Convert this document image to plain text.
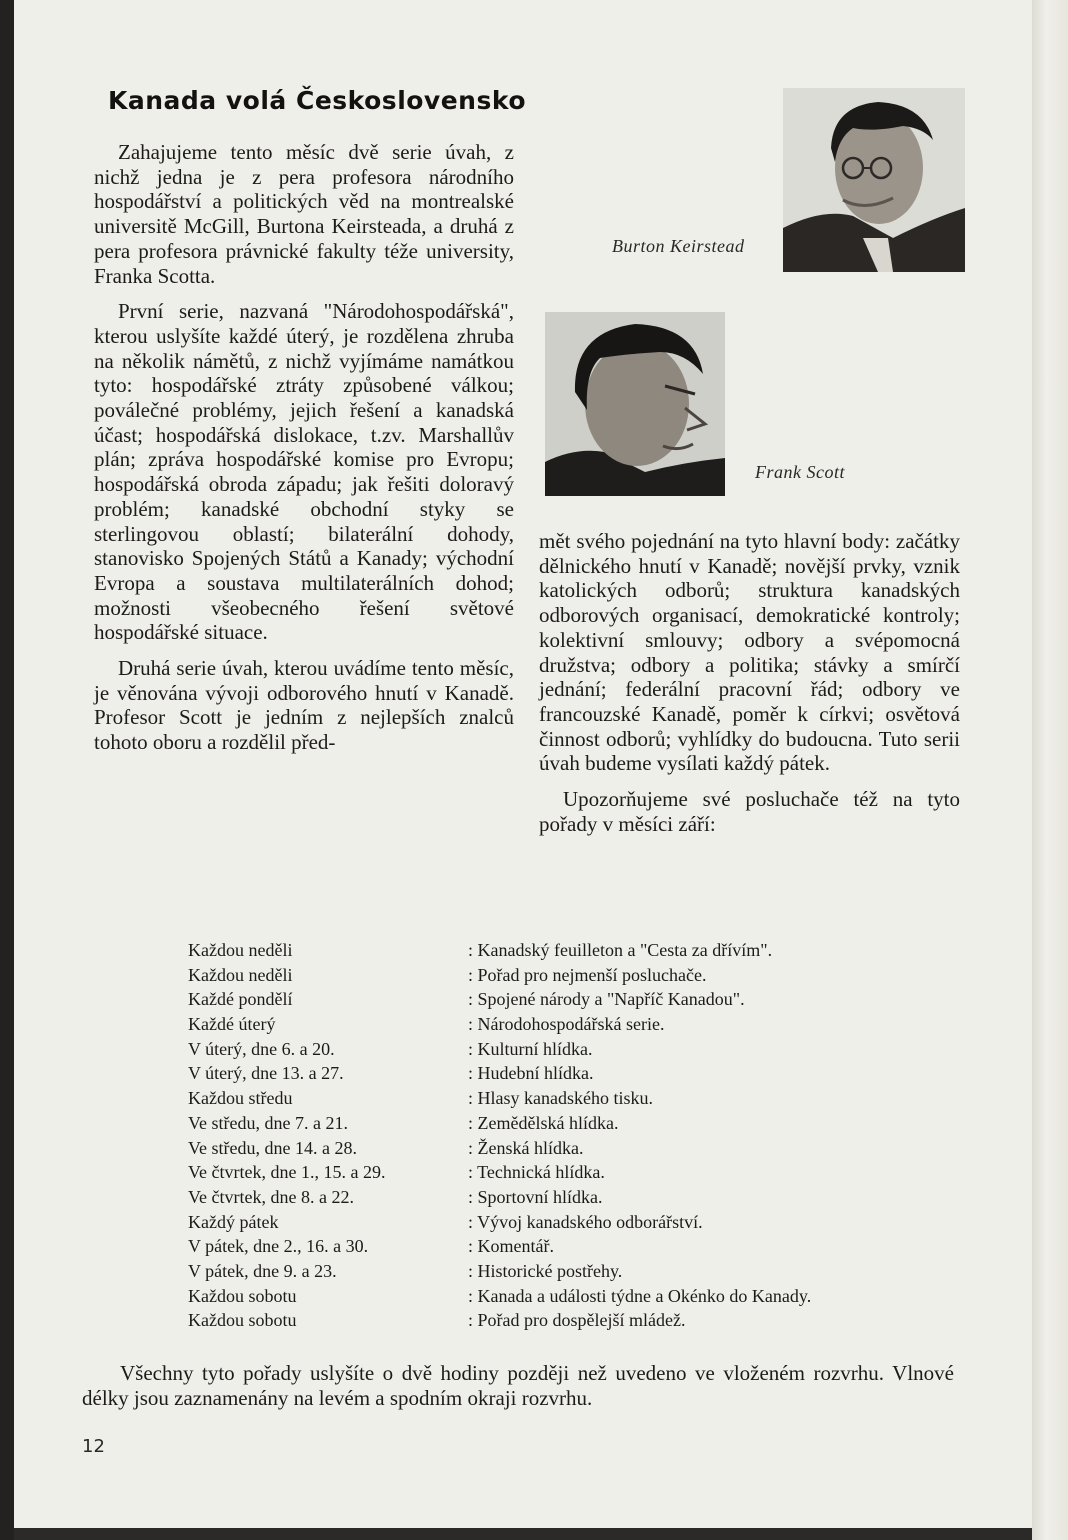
Kanada volá Československo

Zahajujeme tento měsíc dvě serie úvah, z nichž jedna je z pera profesora národního hospodářství a politických věd na montrealské universitě McGill, Burtona Keirsteada, a druhá z pera profesora právnické fakulty téže university, Franka Scotta.

První serie, nazvaná "Národohospodářská", kterou uslyšíte každé úterý, je rozdělena zhruba na několik námětů, z nichž vyjímáme namátkou tyto: hospodářské ztráty způsobené válkou; poválečné problémy, jejich řešení a kanadská účast; hospodářská dislokace, t.zv. Marshallův plán; zpráva hospodářské komise pro Evropu; hospodářská obroda západu; jak řešiti doloravý problém; kanadské obchodní styky se sterlingovou oblastí; bilaterální dohody, stanovisko Spojených Států a Kanady; východní Evropa a soustava multilaterálních dohod; možnosti všeobecného řešení světové hospodářské situace.

Druhá serie úvah, kterou uvádíme tento měsíc, je věnována vývoji odborového hnutí v Kanadě. Profesor Scott je jedním z nejlepších znalců tohoto oboru a rozdělil před-

Burton Keirstead
Frank Scott

mět svého pojednání na tyto hlavní body: začátky dělnického hnutí v Kanadě; novější prvky, vznik katolických odborů; struktura kanadských odborových organisací, demokratické kontroly; kolektivní smlouvy; odbory a svépomocná družstva; odbory a politika; stávky a smírčí jednání; federální pracovní řád; odbory ve francouzské Kanadě, poměr k církvi; osvětová činnost odborů; vyhlídky do budoucna. Tuto serii úvah budeme vysílati každý pátek.

Upozorňujeme své posluchače též na tyto pořady v měsíci září:

Každou neděli	: Kanadský feuilleton a "Cesta za dřívím".
Každou neděli	: Pořad pro nejmenší posluchače.
Každé pondělí	: Spojené národy a "Napříč Kanadou".
Každé úterý	: Národohospodářská serie.
V úterý, dne 6. a 20.	: Kulturní hlídka.
V úterý, dne 13. a 27.	: Hudební hlídka.
Každou středu	: Hlasy kanadského tisku.
Ve středu, dne 7. a 21.	: Zemědělská hlídka.
Ve středu, dne 14. a 28.	: Ženská hlídka.
Ve čtvrtek, dne 1., 15. a 29.	: Technická hlídka.
Ve čtvrtek, dne 8. a 22.	: Sportovní hlídka.
Každý pátek	: Vývoj kanadského odborářství.
V pátek, dne 2., 16. a 30.	: Komentář.
V pátek, dne 9. a 23.	: Historické postřehy.
Každou sobotu	: Kanada a události týdne a Okénko do Kanady.
Každou sobotu	: Pořad pro dospělejší mládež.

Všechny tyto pořady uslyšíte o dvě hodiny později než uvedeno ve vloženém rozvrhu. Vlnové délky jsou zaznamenány na levém a spodním okraji rozvrhu.

12
